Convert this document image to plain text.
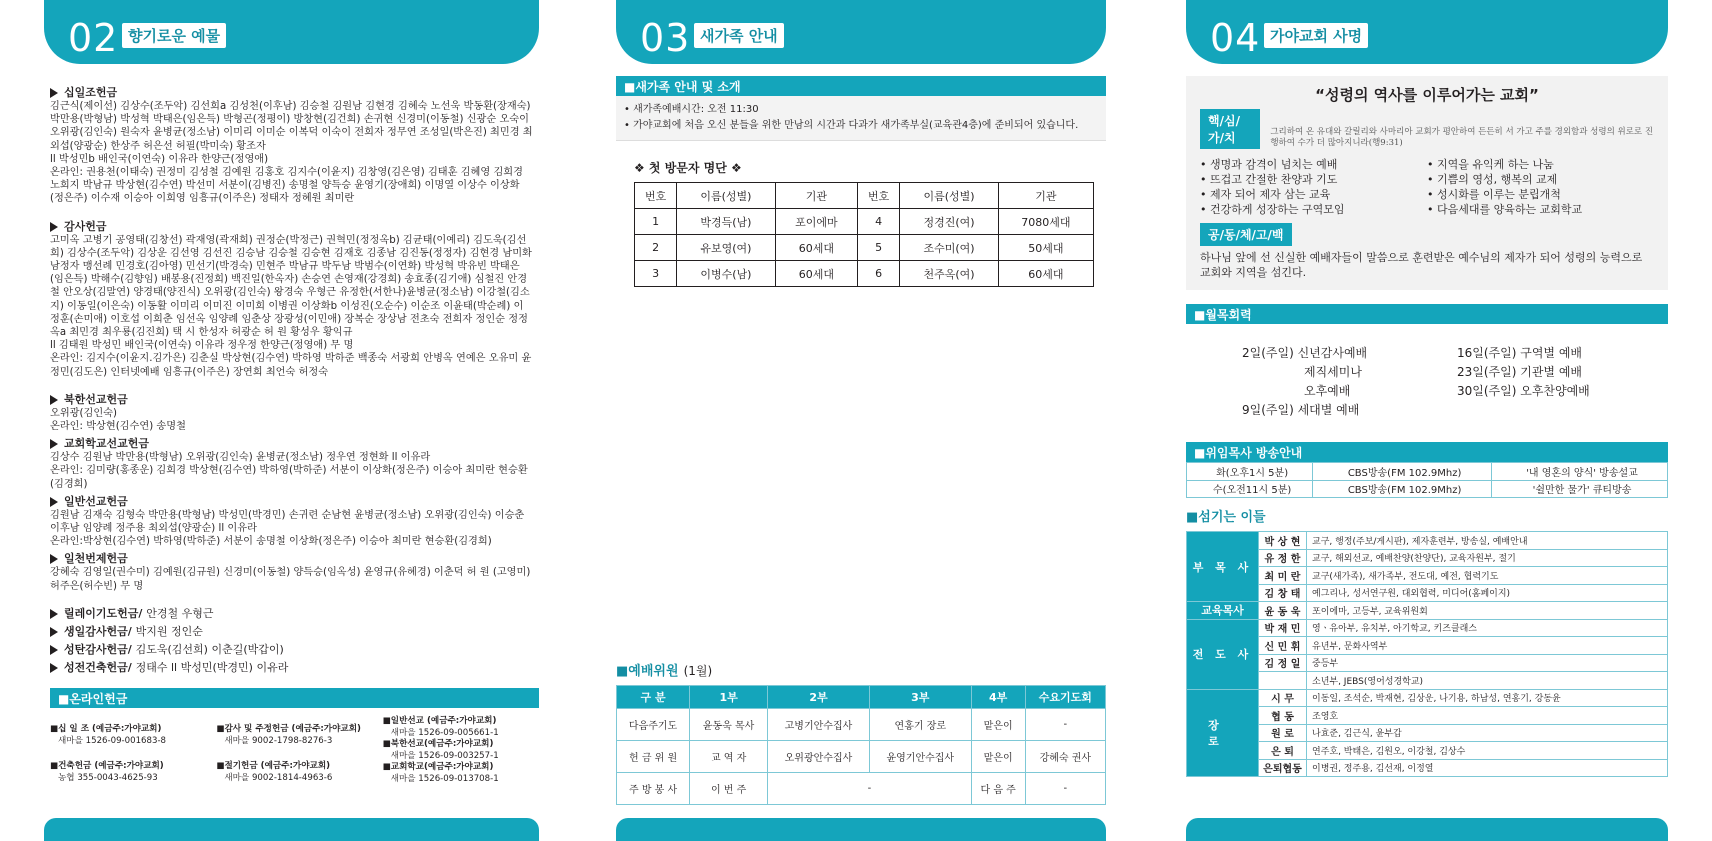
02 향기로운 예물
십일조헌금
김근식(제이선) 김상수(조두악) 김선희a 김성천(이후남) 김승철 김원남 김현경 김혜숙 노선욱 박동환(장재숙) 박만용(박형남) 박성혁 박태은(임은득) 박형곤(정평이) 방창현(김건희) 손귀현 신경미(이동철) 신광순 오숙이 오위광(김인숙) 원숙자 윤병균(정소남) 이미리 이미순 이복덕 이숙이 전희자 정무연 조성일(박은진) 최민경 최외섭(양광순) 한상주 허은선 허필(박미숙) 황조자
ll 박성민b 배인국(이연숙) 이유라 한양근(정영애)
온라인: 권용천(이태숙) 권정미 김성철 김예원 김홍호 김지수(이윤지) 김창영(김은영) 김태훈 김혜영 김희경 노희지 박남규 박상현(김수연) 박선미 서분이(김병진) 송명철 양득승 윤영기(장애희) 이명열 이상수 이상화(정은주) 이수재 이승아 이희영 임흥규(이주은) 정태자 정혜원 최미란
감사헌금
고미옥 고병기 공영태(김창선) 곽재영(곽재희) 권정순(박정근) 권혁민(정정옥b) 김균태(이예리) 김도욱(김선희) 김상수(조두악) 김상운 김선영 김선진 김승남 김승철 김승현 김재호 김종남 김진동(정정자) 김현경 남미화 남정자 맹선례 민경호(김아영) 민선기(박경숙) 민현주 박남규 박두남 박범수(이연화) 박성혁 박유빈 박태은(임은득) 박해수(김향임) 배봉용(진정희) 백진일(한옥자) 손승연 손영재(강경희) 송효종(김기애) 심철진 안경철 안오상(김말연) 양경태(양진식) 오위광(김인숙) 왕경숙 우형근 유정한(서한나)윤병균(정소남) 이강철(김소지) 이동일(이은숙) 이동활 이미리 이미진 이미희 이병권 이상화b 이성진(오순수) 이순조 이윤태(박순례) 이정훈(손미애) 이호섭 이희춘 임선옥 임양례 임춘상 장광성(이민애) 장복순 장상남 전초숙 전희자 정인순 정정옥a 최민경 최우룡(김진희) 택 시 한성자 허광순 허 원 황성우 황익규
ll 김태원 박성민 배인국(이연숙) 이유라 정우정 한양근(정영애) 무 명
온라인: 김지수(이윤지.김가은) 김춘실 박상현(김수연) 박하영 박하준 백종숙 서광희 안병옥 연예은 오유미 윤정민(김도은) 인터넷예배 임흥규(이주은) 장연희 최언숙 허정숙
북한선교헌금
오위광(김인숙)
온라인: 박상현(김수연) 송명철
교회학교선교헌금
김상수 김원남 박만용(박형남) 오위광(김인숙) 윤병균(정소남) 정우연 정현화 ll 이유라
온라인: 김미량(홍종운) 김희경 박상현(김수연) 박하영(박하준) 서분이 이상화(정은주) 이승아 최미란 현승환(김경희)
일반선교헌금
김원남 김재숙 김형숙 박만용(박형남) 박성민(박경민) 손귀련 순남현 윤병균(정소남) 오위광(김인숙) 이승춘 이후남 임양례 정주용 최외섭(양광순) ll 이유라
온라인:박상현(김수연) 박하영(박하준) 서분이 송명철 이상화(정은주) 이승아 최미란 현승환(김경희)
일천번제헌금
강혜숙 김영일(권수미) 김예원(김규원) 신경미(이동철) 양득승(임옥성) 윤영규(유혜경) 이춘덕 허 원 (고영미) 허주은(허수빈) 무 명
릴레이기도헌금/ 안경철 우형근
생일감사헌금/ 박지원 정인순
성탄감사헌금/ 김도욱(김선희) 이춘길(박갑이)
성전건축헌금/ 정태수 ll 박성민(박경민) 이유라
■온라인헌금
■십 일 조 (예금주:가야교회)
새마을 1526-09-001683-8
■건축헌금 (예금주:가야교회)
농협 355-0043-4625-93
■감사 및 주정헌금 (예금주:가야교회)
새마을 9002-1798-8276-3
■절기헌금 (예금주:가야교회)
새마을 9002-1814-4963-6
■일반선교 (예금주:가야교회)
새마을 1526-09-005661-1
■북한선교(예금주:가야교회)
새마을 1526-09-003257-1
■교회학교(예금주:가야교회)
새마을 1526-09-013708-1
03 새가족 안내
■새가족 안내 및 소개
• 새가족예배시간: 오전 11:30
• 가야교회에 처음 오신 분들을 위한 만남의 시간과 다과가 새가족부실(교육관4층)에 준비되어 있습니다.
❖ 첫 방문자 명단 ❖
번호	이름(성별)	기관	번호	이름(성별)	기관
1	박경득(남)	포이에마	4	정경진(여)	7080세대
2	유보영(여)	60세대	5	조수미(여)	50세대
3	이병수(남)	60세대	6	천주옥(여)	60세대
■예배위원 (1월)
구 분	1부	2부	3부	4부	수요기도회
다음주기도	윤동욱 목사	고병기안수집사	연홍기 장로	맡은이	-
헌 금 위 원	교 역 자	오위광안수집사	윤영기안수집사	맡은이	강혜숙 권사
주 방 봉 사	이 번 주	-		다 음 주	-
04 가야교회 사명
“성령의 역사를 이루어가는 교회”
핵/심/가/치	그리하여 온 유대와 갈릴리와 사마리아 교회가 평안하여 든든히 서 가고 주를 경외함과 성령의 위로로 진행하여 수가 더 많아지니라(행9:31)
• 생명과 감격이 넘치는 예배
• 뜨겁고 간절한 찬양과 기도
• 제자 되어 제자 삼는 교육
• 건강하게 성장하는 구역모임
• 지역을 유익케 하는 나눔
• 기쁨의 영성, 행복의 교제
• 성시화를 이루는 분립개척
• 다음세대를 양육하는 교회학교
공/동/체/고/백
하나님 앞에 선 신실한 예배자들이 말씀으로 훈련받은 예수님의 제자가 되어 성령의 능력으로 교회와 지역을 섬긴다.
■월목회력
2일(주일) 신년감사예배
제직세미나
오후예배
9일(주일) 세대별 예배
16일(주일) 구역별 예배
23일(주일) 기관별 예배
30일(주일) 오후찬양예배
■위임목사 방송안내
화(오후1시 5분)	CBS방송(FM 102.9Mhz)	'내 영혼의 양식' 방송설교
수(오전11시 5분)	CBS방송(FM 102.9Mhz)	'쉴만한 물가' 큐티방송
■섬기는 이들
부 목 사	박 상 현	교구, 행정(주보/게시판), 제자훈련부, 방송실, 예배안내
	유 정 한	교구, 해외선교, 예배찬양(찬양단), 교육자원부, 절기
	최 미 란	교구(새가족), 새가족부, 전도대, 예전, 협력기도
	김 창 태	예그리나, 성서연구원, 대외협력, 미디어(홈페이지)
교육목사	윤 동 욱	포이에마, 고등부, 교육위원회
전 도 사	박 재 민	영ㆍ유아부, 유치부, 아기학교, 키즈클래스
	신 민 휘	유년부, 문화사역부
	김 정 일	중등부
		소년부, JEBS(영어성경학교)
장 로	시 무	이동일, 조석순, 박재현, 김상운, 나기용, 하남성, 연홍기, 강동윤
	협 동	조영호
	원 로	나효준, 김근식, 윤부갑
	은 퇴	연주호, 박태은, 김원오, 이강철, 김상수
	은퇴협동	이병권, 정주용, 김선재, 이정열
